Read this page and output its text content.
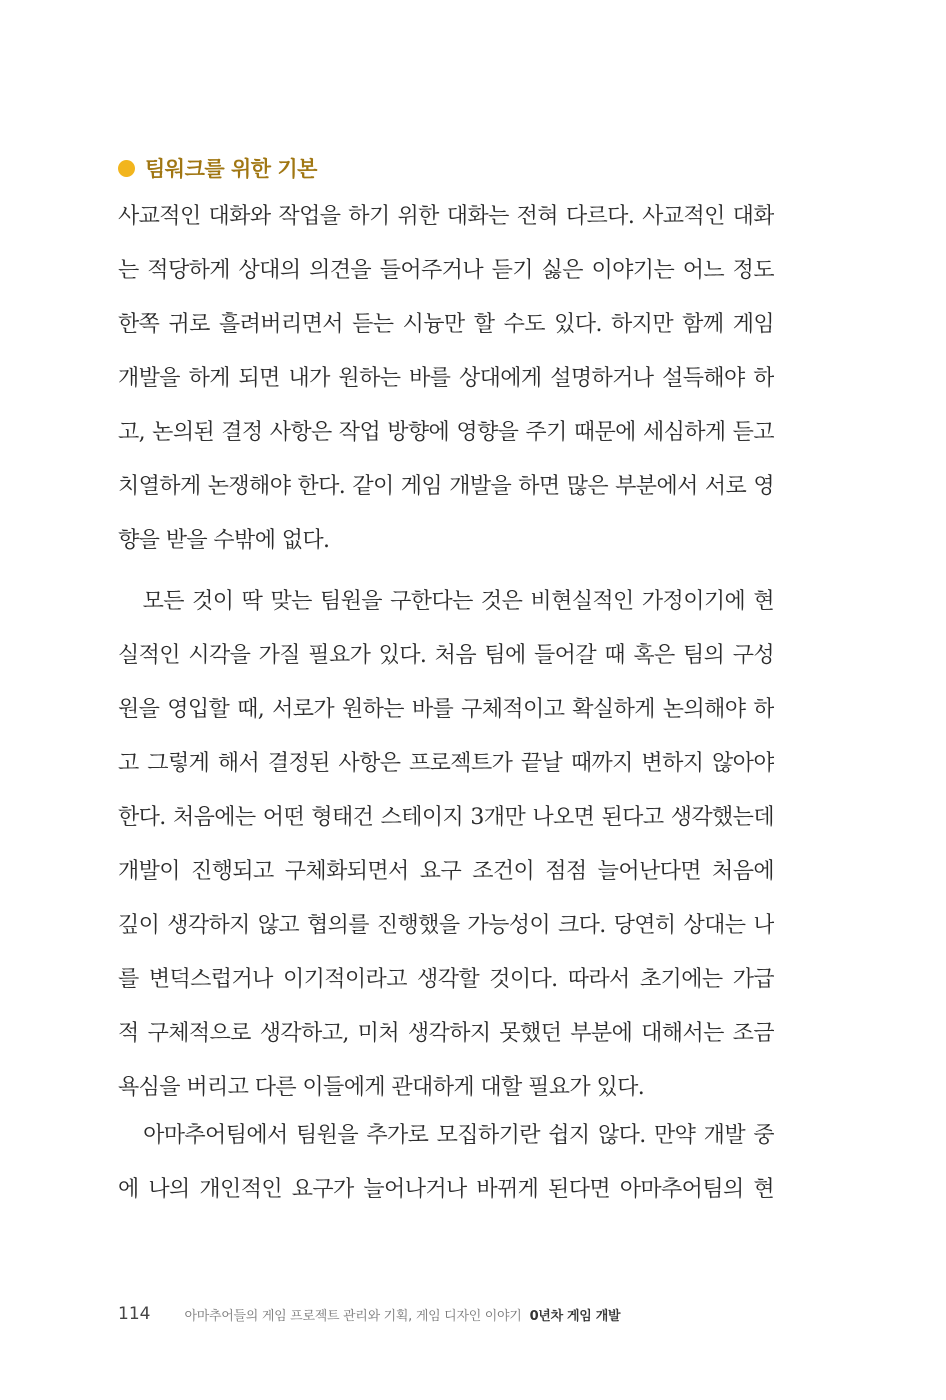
팀워크를 위한 기본
사교적인 대화와 작업을 하기 위한 대화는 전혀 다르다. 사교적인 대화
는 적당하게 상대의 의견을 들어주거나 듣기 싫은 이야기는 어느 정도
한쪽 귀로 흘려버리면서 듣는 시늉만 할 수도 있다. 하지만 함께 게임
개발을 하게 되면 내가 원하는 바를 상대에게 설명하거나 설득해야 하
고, 논의된 결정 사항은 작업 방향에 영향을 주기 때문에 세심하게 듣고
치열하게 논쟁해야 한다. 같이 게임 개발을 하면 많은 부분에서 서로 영
향을 받을 수밖에 없다.
모든 것이 딱 맞는 팀원을 구한다는 것은 비현실적인 가정이기에 현
실적인 시각을 가질 필요가 있다. 처음 팀에 들어갈 때 혹은 팀의 구성
원을 영입할 때, 서로가 원하는 바를 구체적이고 확실하게 논의해야 하
고 그렇게 해서 결정된 사항은 프로젝트가 끝날 때까지 변하지 않아야
한다. 처음에는 어떤 형태건 스테이지 3개만 나오면 된다고 생각했는데
개발이 진행되고 구체화되면서 요구 조건이 점점 늘어난다면 처음에
깊이 생각하지 않고 협의를 진행했을 가능성이 크다. 당연히 상대는 나
를 변덕스럽거나 이기적이라고 생각할 것이다. 따라서 초기에는 가급
적 구체적으로 생각하고, 미처 생각하지 못했던 부분에 대해서는 조금
욕심을 버리고 다른 이들에게 관대하게 대할 필요가 있다.
아마추어팀에서 팀원을 추가로 모집하기란 쉽지 않다. 만약 개발 중
에 나의 개인적인 요구가 늘어나거나 바뀌게 된다면 아마추어팀의 현
114	아마추어들의 게임 프로젝트 관리와 기획, 게임 디자인 이야기 0년차 게임 개발
